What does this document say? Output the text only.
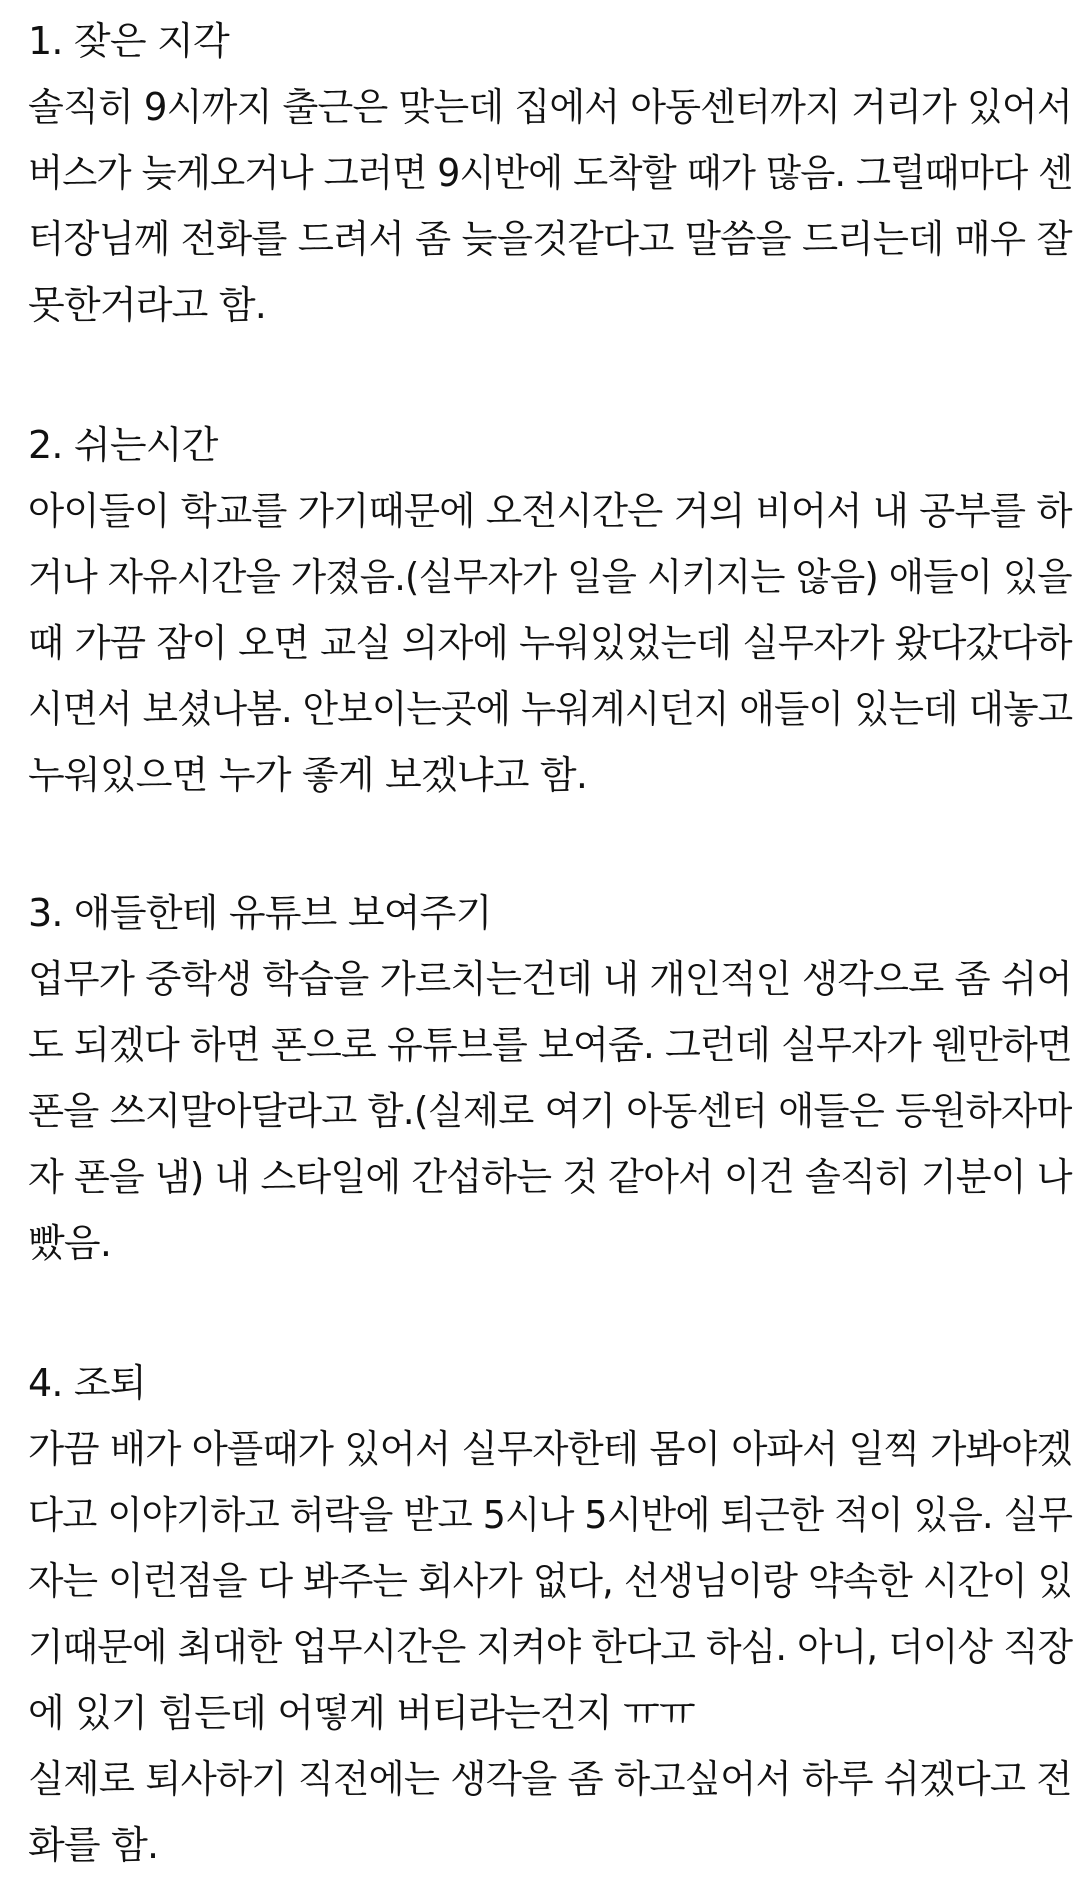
1. 잦은 지각
솔직히 9시까지 출근은 맞는데 집에서 아동센터까지 거리가 있어서
버스가 늦게오거나 그러면 9시반에 도착할 때가 많음. 그럴때마다 센
터장님께 전화를 드려서 좀 늦을것같다고 말씀을 드리는데 매우 잘
못한거라고 함.
2. 쉬는시간
아이들이 학교를 가기때문에 오전시간은 거의 비어서 내 공부를 하
거나 자유시간을 가졌음.(실무자가 일을 시키지는 않음) 애들이 있을
때 가끔 잠이 오면 교실 의자에 누워있었는데 실무자가 왔다갔다하
시면서 보셨나봄. 안보이는곳에 누워계시던지 애들이 있는데 대놓고
누워있으면 누가 좋게 보겠냐고 함.
3. 애들한테 유튜브 보여주기
업무가 중학생 학습을 가르치는건데 내 개인적인 생각으로 좀 쉬어
도 되겠다 하면 폰으로 유튜브를 보여줌. 그런데 실무자가 웬만하면
폰을 쓰지말아달라고 함.(실제로 여기 아동센터 애들은 등원하자마
자 폰을 냄) 내 스타일에 간섭하는 것 같아서 이건 솔직히 기분이 나
빴음.
4. 조퇴
가끔 배가 아플때가 있어서 실무자한테 몸이 아파서 일찍 가봐야겠
다고 이야기하고 허락을 받고 5시나 5시반에 퇴근한 적이 있음. 실무
자는 이런점을 다 봐주는 회사가 없다, 선생님이랑 약속한 시간이 있
기때문에 최대한 업무시간은 지켜야 한다고 하심. 아니, 더이상 직장
에 있기 힘든데 어떻게 버티라는건지 ㅠㅠ
실제로 퇴사하기 직전에는 생각을 좀 하고싶어서 하루 쉬겠다고 전
화를 함.
